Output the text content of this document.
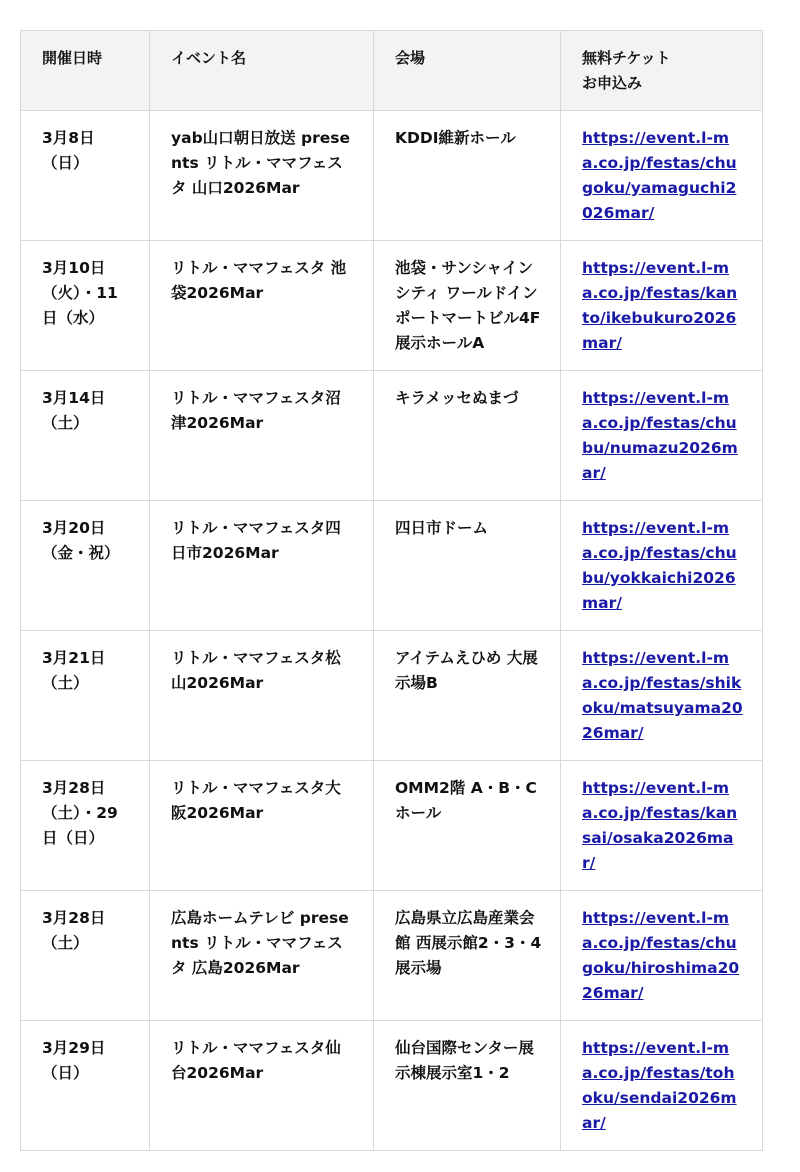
開催日時	イベント名	会場	無料チケット
お申込み
3月8日（日）	yab山口朝日放送 presents リトル・ママフェスタ 山口2026Mar	KDDI維新ホール	https://event.l-ma.co.jp/festas/chugoku/yamaguchi2026mar/
3月10日（火）・11日（水）	リトル・ママフェスタ 池袋2026Mar	池袋・サンシャインシティ ワールドインポートマートビル4F 展示ホールA	https://event.l-ma.co.jp/festas/kanto/ikebukuro2026mar/
3月14日（土）	リトル・ママフェスタ沼津2026Mar	キラメッセぬまづ	https://event.l-ma.co.jp/festas/chubu/numazu2026mar/
3月20日（金・祝）	リトル・ママフェスタ四日市2026Mar	四日市ドーム	https://event.l-ma.co.jp/festas/chubu/yokkaichi2026mar/
3月21日（土）	リトル・ママフェスタ松山2026Mar	アイテムえひめ 大展示場B	https://event.l-ma.co.jp/festas/shikoku/matsuyama2026mar/
3月28日（土）・29日（日）	リトル・ママフェスタ大阪2026Mar	OMM2階 A・B・Cホール	https://event.l-ma.co.jp/festas/kansai/osaka2026mar/
3月28日（土）	広島ホームテレビ presents リトル・ママフェスタ 広島2026Mar	広島県立広島産業会館 西展示館2・3・4展示場	https://event.l-ma.co.jp/festas/chugoku/hiroshima2026mar/
3月29日（日）	リトル・ママフェスタ仙台2026Mar	仙台国際センター展示棟展示室1・2	https://event.l-ma.co.jp/festas/tohoku/sendai2026mar/
